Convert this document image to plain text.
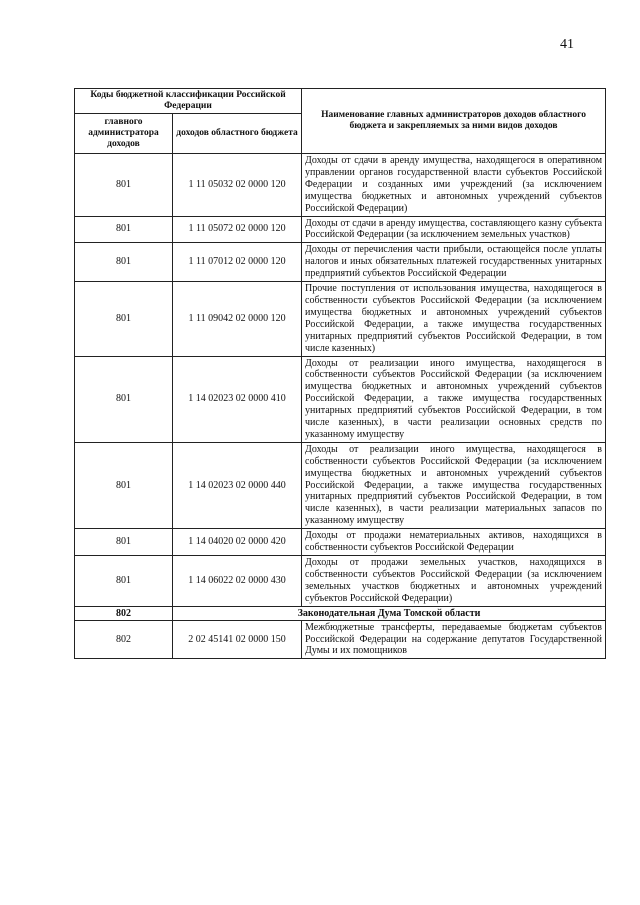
41
Коды бюджетной классификации Российской Федерации		Наименование главных администраторов доходов областного бюджета и закрепляемых за ними видов доходов
главного администратора доходов	доходов областного бюджета	
801	1 11 05032 02 0000 120	Доходы от сдачи в аренду имущества, находящегося в оперативном управлении органов государственной власти субъектов Российской Федерации и созданных ими учреждений (за исключением имущества бюджетных и автономных учреждений субъектов Российской Федерации)
801	1 11 05072 02 0000 120	Доходы от сдачи в аренду имущества, составляющего казну субъекта Российской Федерации (за исключением земельных участков)
801	1 11 07012 02 0000 120	Доходы от перечисления части прибыли, остающейся после уплаты налогов и иных обязательных платежей государственных унитарных предприятий субъектов Российской Федерации
801	1 11 09042 02 0000 120	Прочие поступления от использования имущества, находящегося в собственности субъектов Российской Федерации (за исключением имущества бюджетных и автономных учреждений субъектов Российской Федерации, а также имущества государственных унитарных предприятий субъектов Российской Федерации, в том числе казенных)
801	1 14 02023 02 0000 410	Доходы от реализации иного имущества, находящегося в собственности субъектов Российской Федерации (за исключением имущества бюджетных и автономных учреждений субъектов Российской Федерации, а также имущества государственных унитарных предприятий субъектов Российской Федерации, в том числе казенных), в части реализации основных средств по указанному имуществу
801	1 14 02023 02 0000 440	Доходы от реализации иного имущества, находящегося в собственности субъектов Российской Федерации (за исключением имущества бюджетных и автономных учреждений субъектов Российской Федерации, а также имущества государственных унитарных предприятий субъектов Российской Федерации, в том числе казенных), в части реализации материальных запасов по указанному имуществу
801	1 14 04020 02 0000 420	Доходы от продажи нематериальных активов, находящихся в собственности субъектов Российской Федерации
801	1 14 06022 02 0000 430	Доходы от продажи земельных участков, находящихся в собственности субъектов Российской Федерации (за исключением земельных участков бюджетных и автономных учреждений субъектов Российской Федерации)
802	Законодательная Дума Томской области	
802	2 02 45141 02 0000 150	Межбюджетные трансферты, передаваемые бюджетам субъектов Российской Федерации на содержание депутатов Государственной Думы и их помощников
